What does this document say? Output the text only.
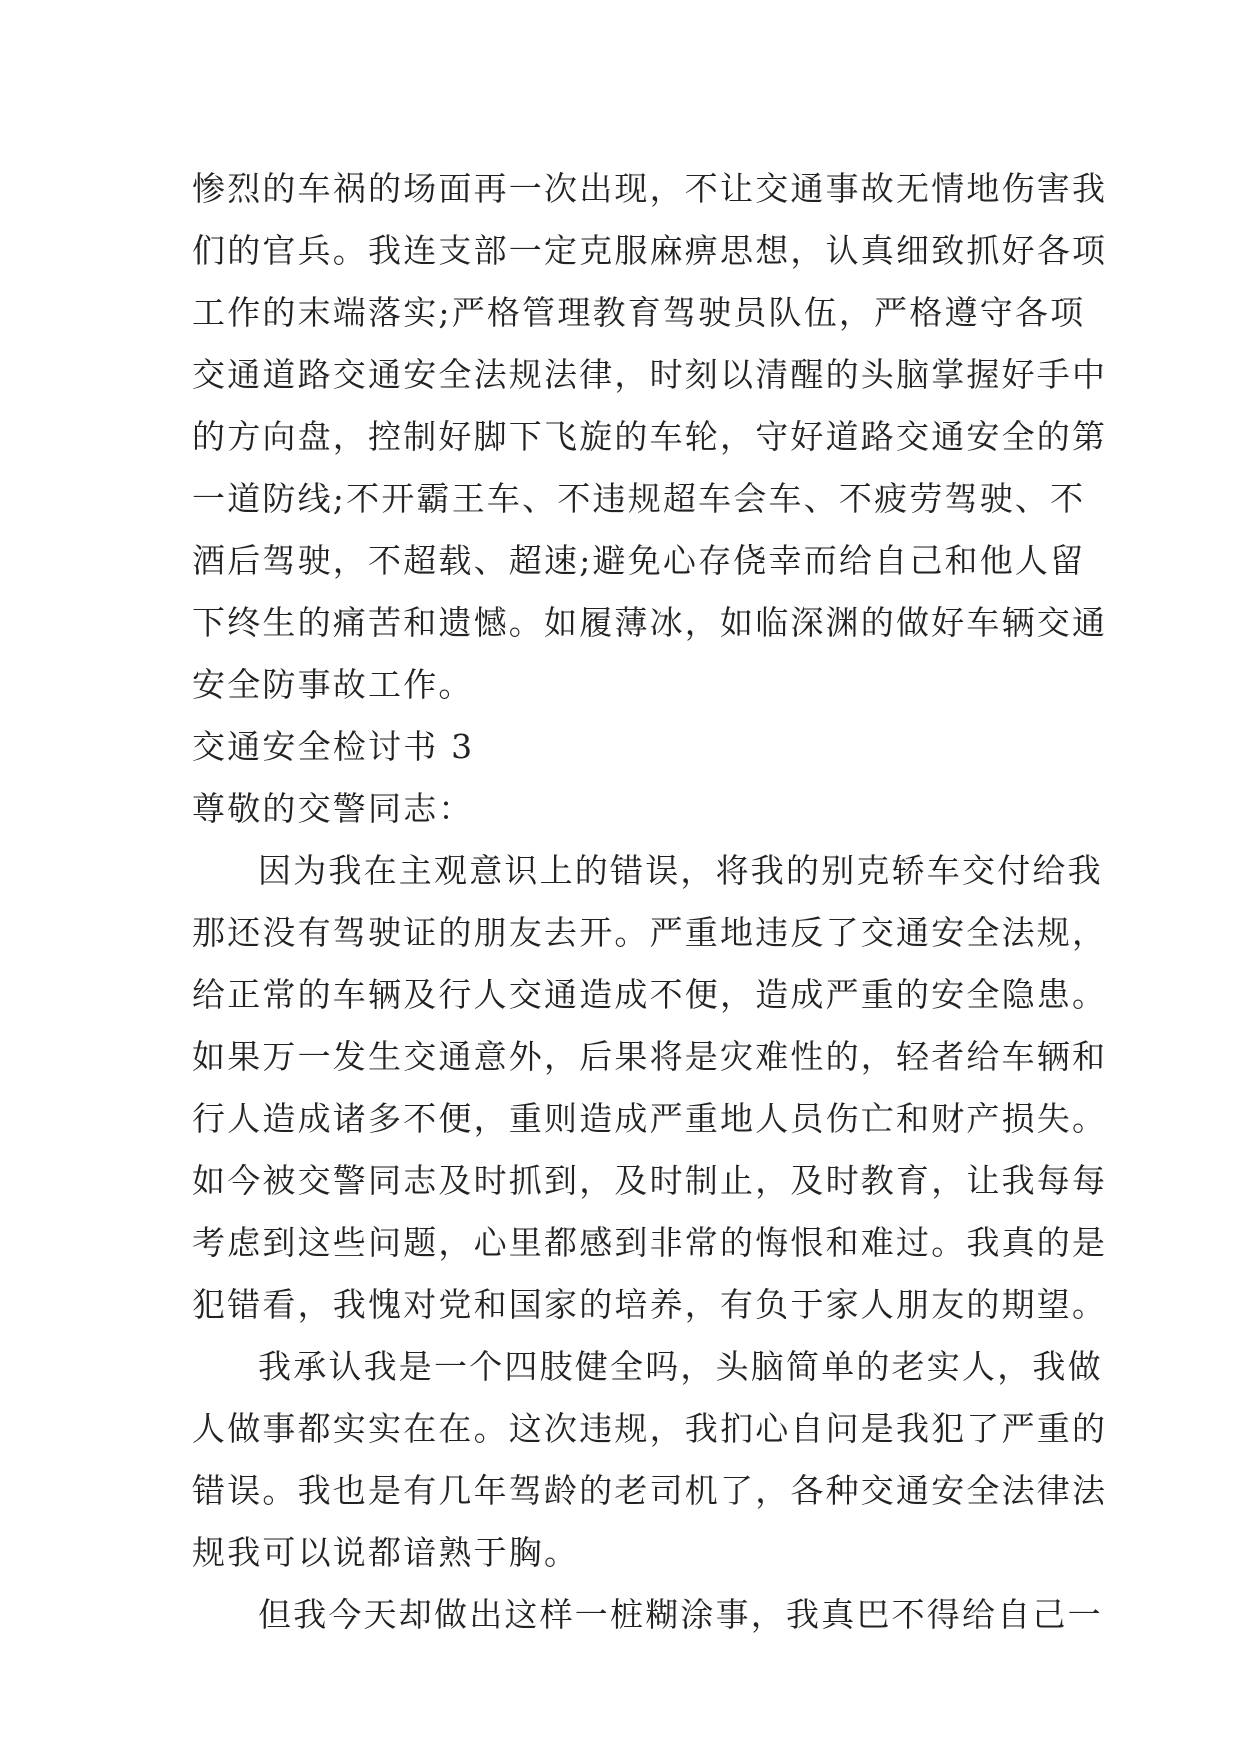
惨烈的车祸的场面再一次出现，不让交通事故无情地伤害我
们的官兵。我连支部一定克服麻痹思想，认真细致抓好各项
工作的末端落实;严格管理教育驾驶员队伍，严格遵守各项
交通道路交通安全法规法律，时刻以清醒的头脑掌握好手中
的方向盘，控制好脚下飞旋的车轮，守好道路交通安全的第
一道防线;不开霸王车、不违规超车会车、不疲劳驾驶、不
酒后驾驶，不超载、超速;避免心存侥幸而给自己和他人留
下终生的痛苦和遗憾。如履薄冰，如临深渊的做好车辆交通
安全防事故工作。
交通安全检讨书 3
尊敬的交警同志：
因为我在主观意识上的错误，将我的别克轿车交付给我
那还没有驾驶证的朋友去开。严重地违反了交通安全法规，
给正常的车辆及行人交通造成不便，造成严重的安全隐患。
如果万一发生交通意外，后果将是灾难性的，轻者给车辆和
行人造成诸多不便，重则造成严重地人员伤亡和财产损失。
如今被交警同志及时抓到，及时制止，及时教育，让我每每
考虑到这些问题，心里都感到非常的悔恨和难过。我真的是
犯错看，我愧对党和国家的培养，有负于家人朋友的期望。
我承认我是一个四肢健全吗，头脑简单的老实人，我做
人做事都实实在在。这次违规，我扪心自问是我犯了严重的
错误。我也是有几年驾龄的老司机了，各种交通安全法律法
规我可以说都谙熟于胸。
但我今天却做出这样一桩糊涂事，我真巴不得给自己一
